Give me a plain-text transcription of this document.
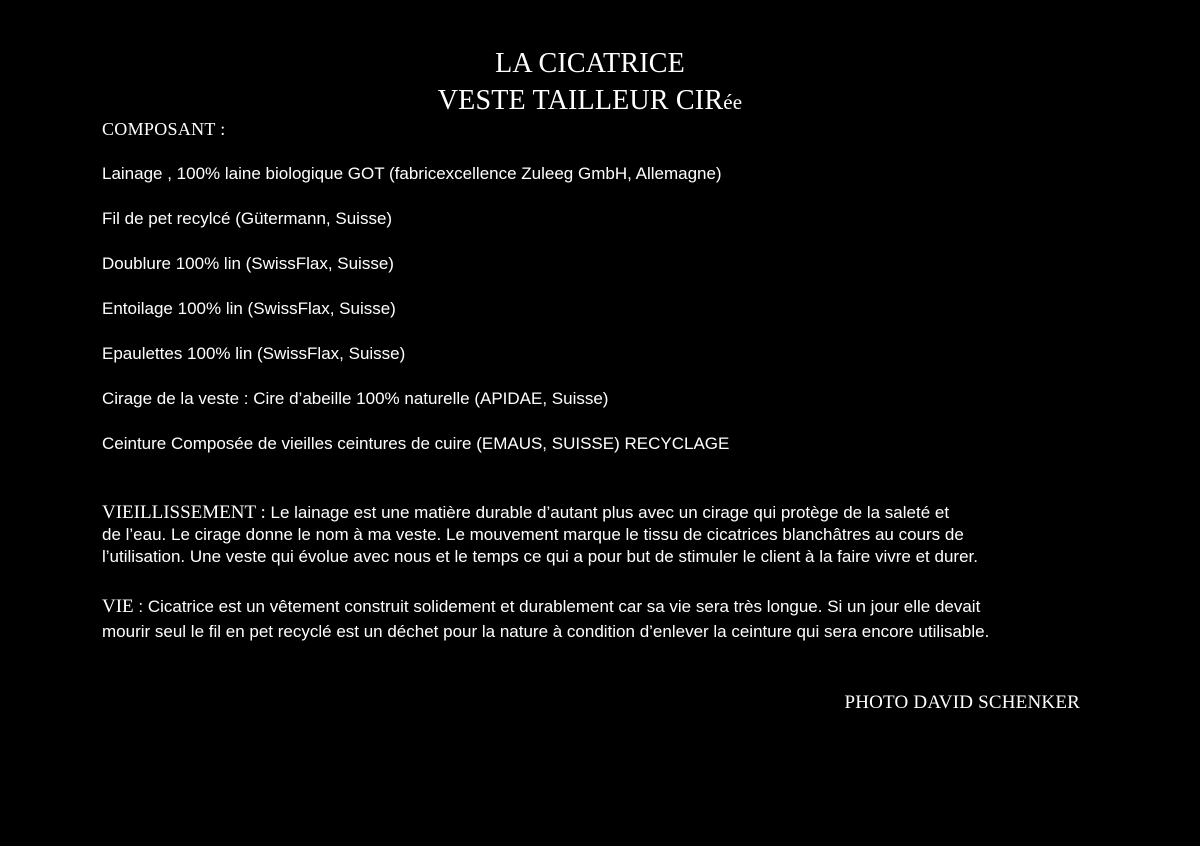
LA CICATRICE
VESTE TAILLEUR CIRée
COMPOSANT :
Lainage , 100% laine biologique GOT (fabricexcellence Zuleeg GmbH, Allemagne)
Fil de pet recylcé (Gütermann, Suisse)
Doublure 100% lin (SwissFlax, Suisse)
Entoilage 100% lin (SwissFlax, Suisse)
Epaulettes 100% lin (SwissFlax, Suisse)
Cirage de la veste : Cire d’abeille 100% naturelle (APIDAE, Suisse)
Ceinture Composée de vieilles ceintures de cuire (EMAUS, SUISSE) RECYCLAGE
VIEILLISSEMENT : Le lainage est une matière durable d’autant plus avec un cirage qui protège de la saleté et
de l’eau. Le cirage donne le nom à ma veste. Le mouvement marque le tissu de cicatrices blanchâtres au cours de
l’utilisation. Une veste qui évolue avec nous et le temps ce qui a pour but de stimuler le client à la faire vivre et durer.
VIE : Cicatrice est un vêtement construit solidement et durablement car sa vie sera très longue. Si un jour elle devait
mourir seul le fil en pet recyclé est un déchet pour la nature à condition d’enlever la ceinture qui sera encore utilisable.
PHOTO DAVID SCHENKER
